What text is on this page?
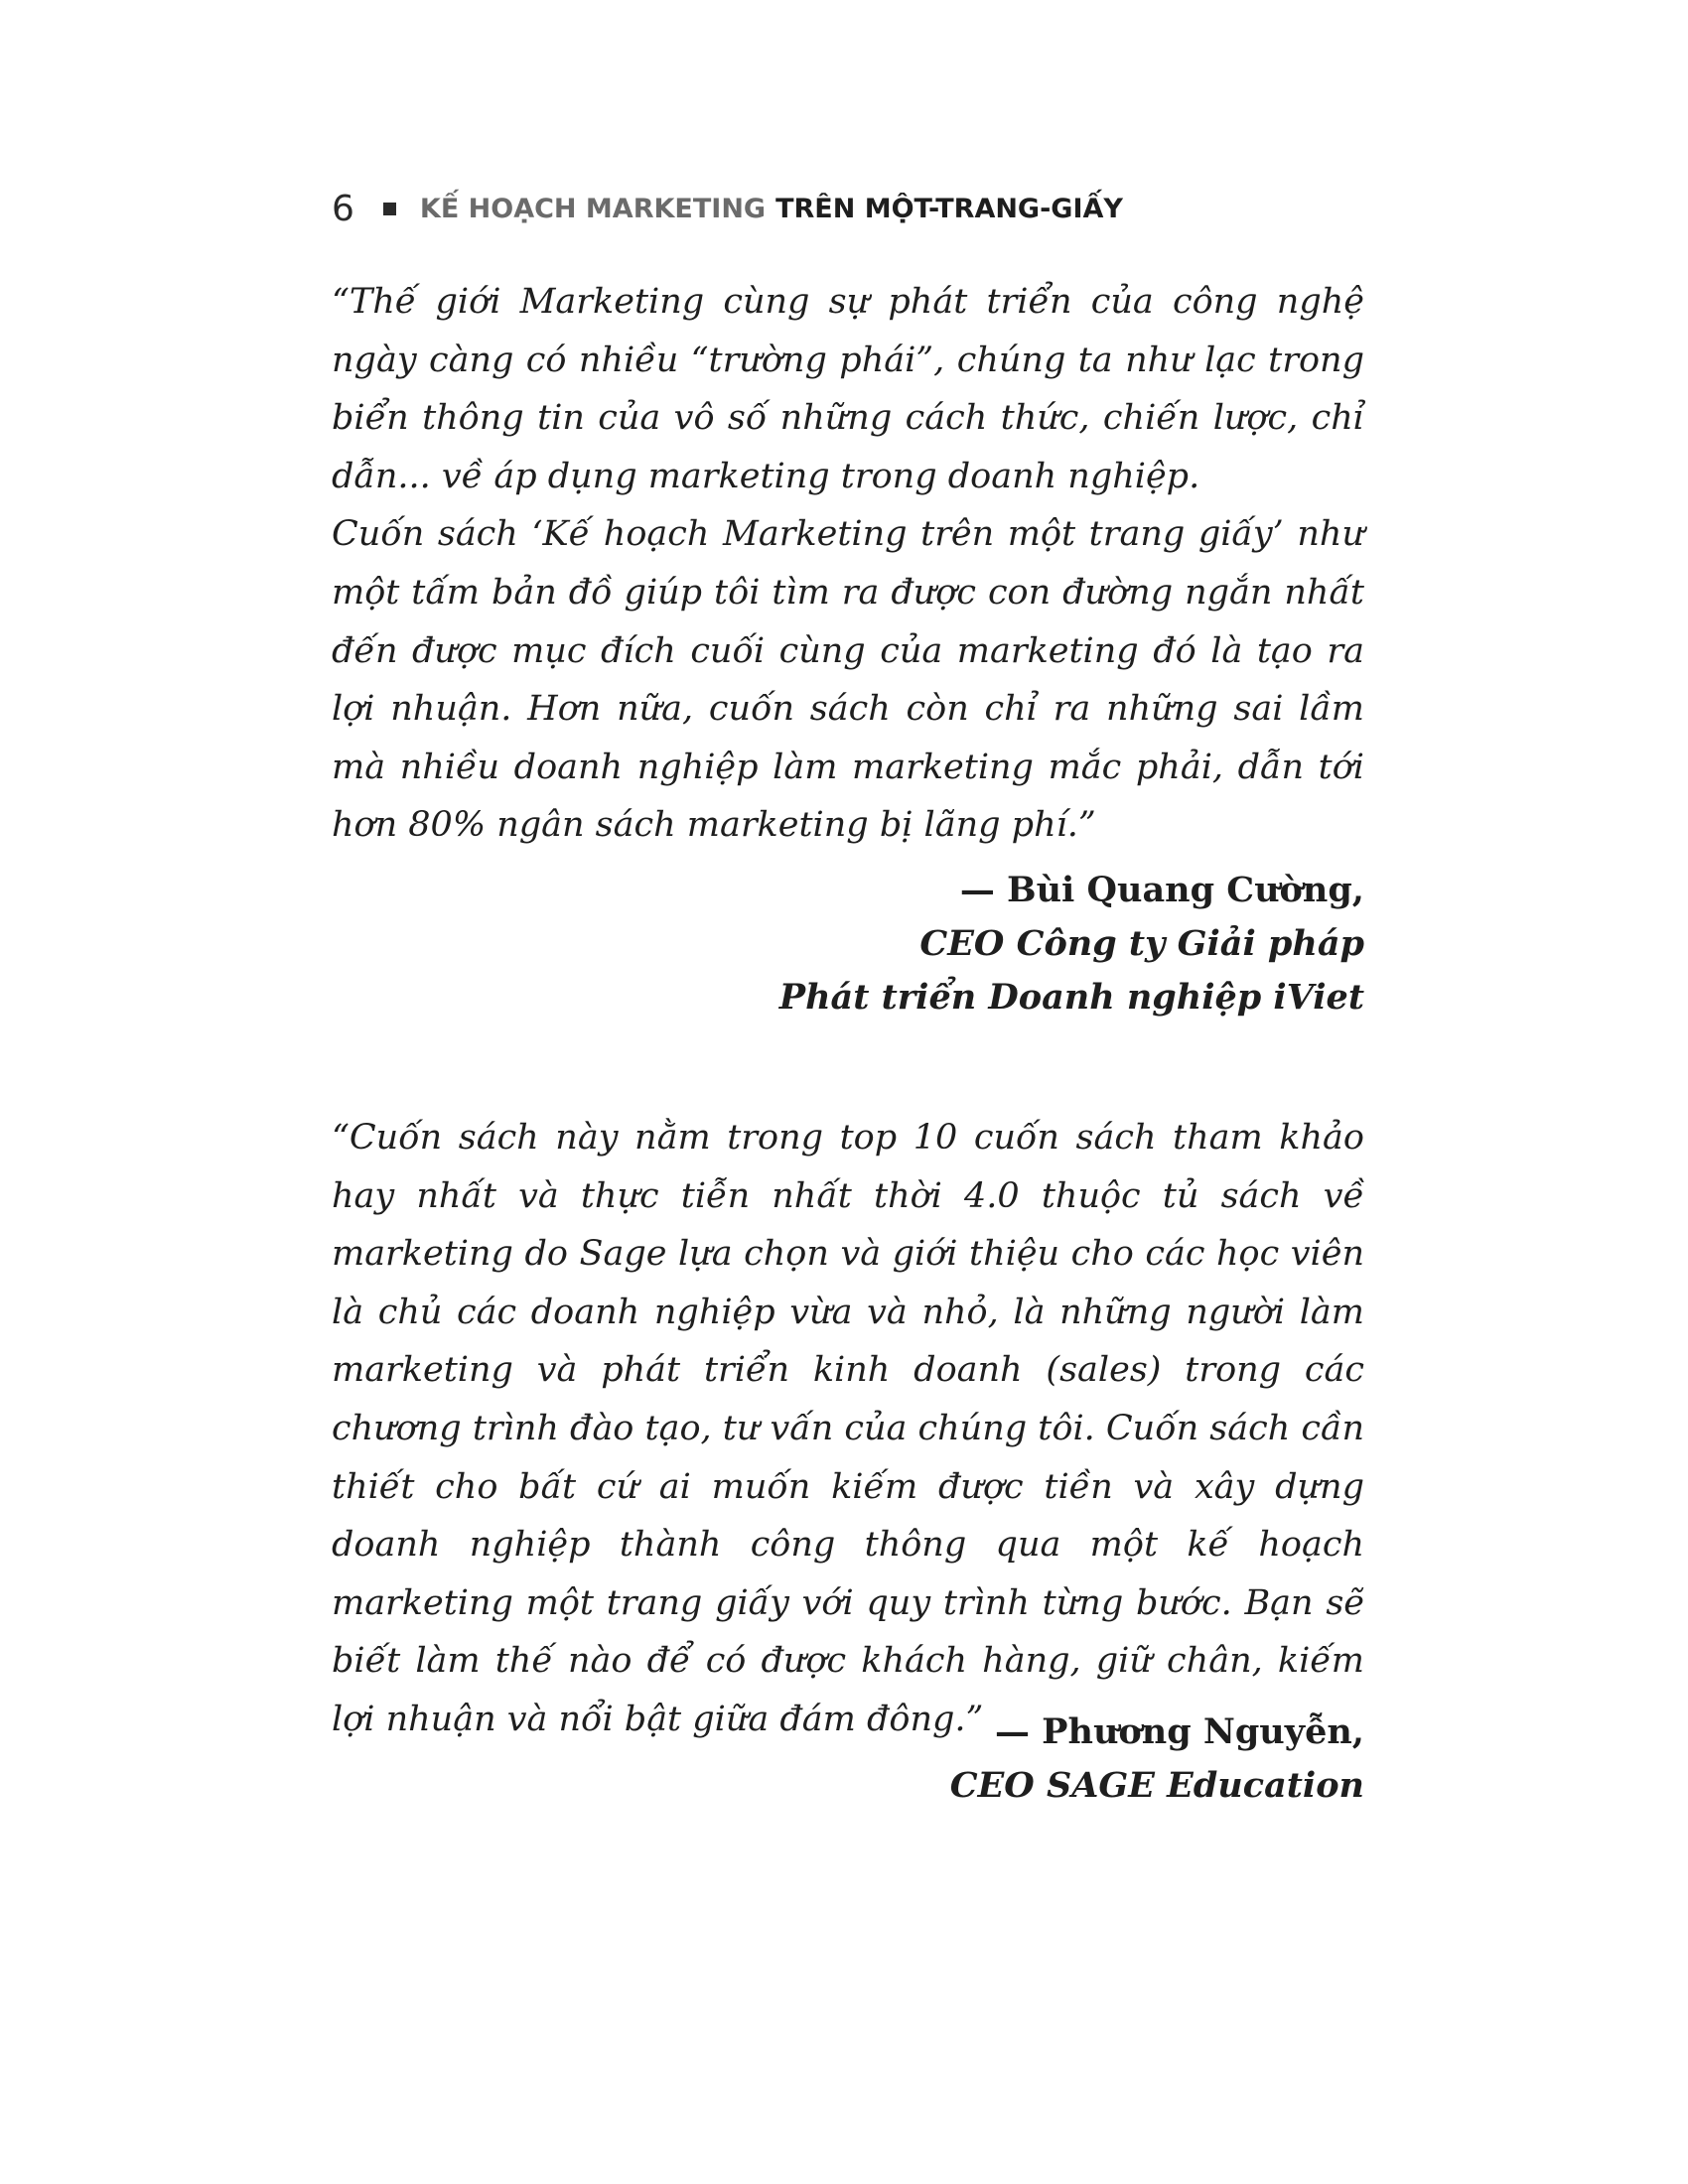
6 KẾ HOẠCH MARKETING TRÊN MỘT-TRANG-GIẤY

“Thế giới Marketing cùng sự phát triển của công nghệ ngày càng có nhiều “trường phái”, chúng ta như lạc trong biển thông tin của vô số những cách thức, chiến lược, chỉ dẫn... về áp dụng marketing trong doanh nghiệp.

Cuốn sách ‘Kế hoạch Marketing trên một trang giấy’ như một tấm bản đồ giúp tôi tìm ra được con đường ngắn nhất đến được mục đích cuối cùng của marketing đó là tạo ra lợi nhuận. Hơn nữa, cuốn sách còn chỉ ra những sai lầm mà nhiều doanh nghiệp làm marketing mắc phải, dẫn tới hơn 80% ngân sách marketing bị lãng phí.”

— Bùi Quang Cường,
CEO Công ty Giải pháp
Phát triển Doanh nghiệp iViet

“Cuốn sách này nằm trong top 10 cuốn sách tham khảo hay nhất và thực tiễn nhất thời 4.0 thuộc tủ sách về marketing do Sage lựa chọn và giới thiệu cho các học viên là chủ các doanh nghiệp vừa và nhỏ, là những người làm marketing và phát triển kinh doanh (sales) trong các chương trình đào tạo, tư vấn của chúng tôi. Cuốn sách cần thiết cho bất cứ ai muốn kiếm được tiền và xây dựng doanh nghiệp thành công thông qua một kế hoạch marketing một trang giấy với quy trình từng bước. Bạn sẽ biết làm thế nào để có được khách hàng, giữ chân, kiếm lợi nhuận và nổi bật giữa đám đông.” — Phương Nguyễn,
CEO SAGE Education
